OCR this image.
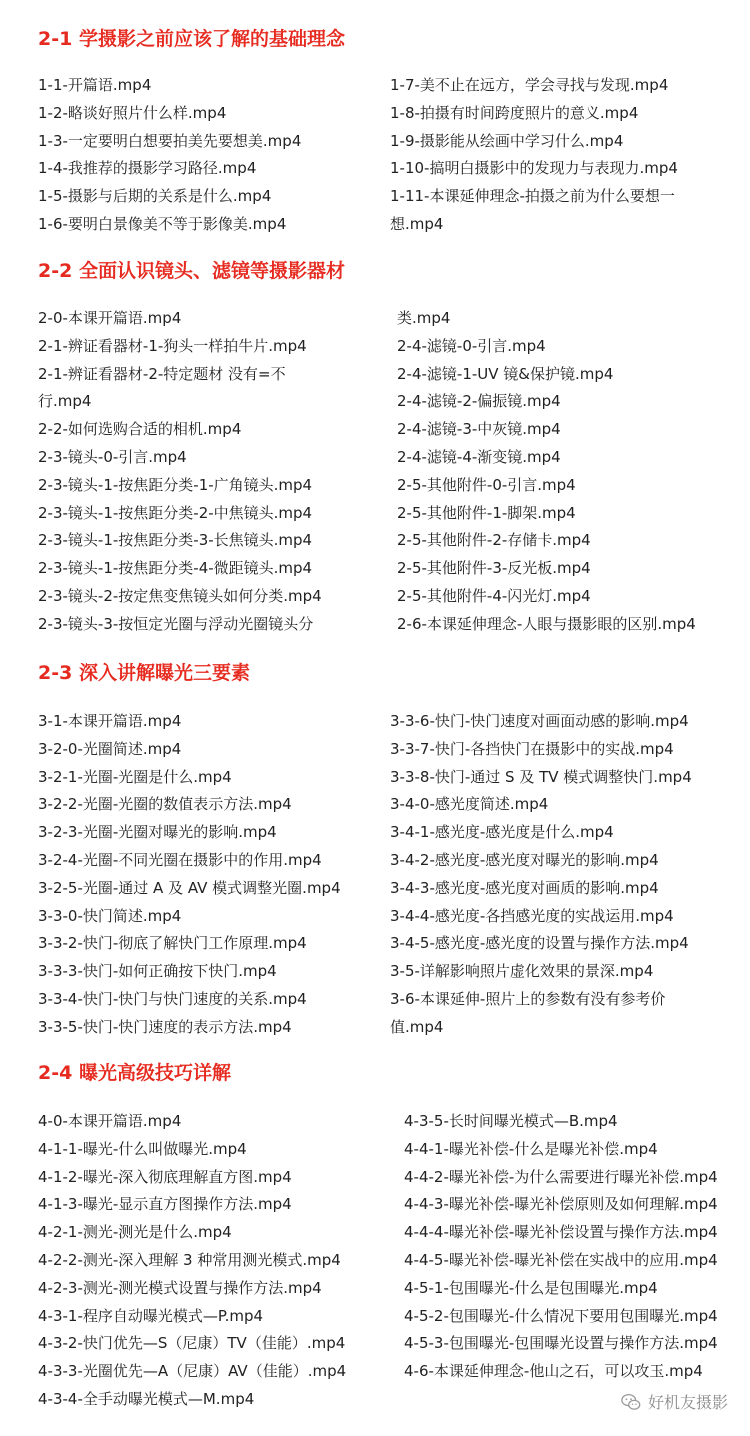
2-1 学摄影之前应该了解的基础理念
1-1-开篇语.mp4
1-2-略谈好照片什么样.mp4
1-3-一定要明白想要拍美先要想美.mp4
1-4-我推荐的摄影学习路径.mp4
1-5-摄影与后期的关系是什么.mp4
1-6-要明白景像美不等于影像美.mp4
1-7-美不止在远方，学会寻找与发现.mp4
1-8-拍摄有时间跨度照片的意义.mp4
1-9-摄影能从绘画中学习什么.mp4
1-10-搞明白摄影中的发现力与表现力.mp4
1-11-本课延伸理念-拍摄之前为什么要想一
想.mp4
2-2 全面认识镜头、滤镜等摄影器材
2-0-本课开篇语.mp4
2-1-辨证看器材-1-狗头一样拍牛片.mp4
2-1-辨证看器材-2-特定题材 没有=不
行.mp4
2-2-如何选购合适的相机.mp4
2-3-镜头-0-引言.mp4
2-3-镜头-1-按焦距分类-1-广角镜头.mp4
2-3-镜头-1-按焦距分类-2-中焦镜头.mp4
2-3-镜头-1-按焦距分类-3-长焦镜头.mp4
2-3-镜头-1-按焦距分类-4-微距镜头.mp4
2-3-镜头-2-按定焦变焦镜头如何分类.mp4
2-3-镜头-3-按恒定光圈与浮动光圈镜头分
类.mp4
2-4-滤镜-0-引言.mp4
2-4-滤镜-1-UV 镜&保护镜.mp4
2-4-滤镜-2-偏振镜.mp4
2-4-滤镜-3-中灰镜.mp4
2-4-滤镜-4-渐变镜.mp4
2-5-其他附件-0-引言.mp4
2-5-其他附件-1-脚架.mp4
2-5-其他附件-2-存储卡.mp4
2-5-其他附件-3-反光板.mp4
2-5-其他附件-4-闪光灯.mp4
2-6-本课延伸理念-人眼与摄影眼的区别.mp4
2-3 深入讲解曝光三要素
3-1-本课开篇语.mp4
3-2-0-光圈简述.mp4
3-2-1-光圈-光圈是什么.mp4
3-2-2-光圈-光圈的数值表示方法.mp4
3-2-3-光圈-光圈对曝光的影响.mp4
3-2-4-光圈-不同光圈在摄影中的作用.mp4
3-2-5-光圈-通过 A 及 AV 模式调整光圈.mp4
3-3-0-快门简述.mp4
3-3-2-快门-彻底了解快门工作原理.mp4
3-3-3-快门-如何正确按下快门.mp4
3-3-4-快门-快门与快门速度的关系.mp4
3-3-5-快门-快门速度的表示方法.mp4
3-3-6-快门-快门速度对画面动感的影响.mp4
3-3-7-快门-各挡快门在摄影中的实战.mp4
3-3-8-快门-通过 S 及 TV 模式调整快门.mp4
3-4-0-感光度简述.mp4
3-4-1-感光度-感光度是什么.mp4
3-4-2-感光度-感光度对曝光的影响.mp4
3-4-3-感光度-感光度对画质的影响.mp4
3-4-4-感光度-各挡感光度的实战运用.mp4
3-4-5-感光度-感光度的设置与操作方法.mp4
3-5-详解影响照片虚化效果的景深.mp4
3-6-本课延伸-照片上的参数有没有参考价
值.mp4
2-4 曝光高级技巧详解
4-0-本课开篇语.mp4
4-1-1-曝光-什么叫做曝光.mp4
4-1-2-曝光-深入彻底理解直方图.mp4
4-1-3-曝光-显示直方图操作方法.mp4
4-2-1-测光-测光是什么.mp4
4-2-2-测光-深入理解 3 种常用测光模式.mp4
4-2-3-测光-测光模式设置与操作方法.mp4
4-3-1-程序自动曝光模式—P.mp4
4-3-2-快门优先—S（尼康）TV（佳能）.mp4
4-3-3-光圈优先—A（尼康）AV（佳能）.mp4
4-3-4-全手动曝光模式—M.mp4
4-3-5-长时间曝光模式—B.mp4
4-4-1-曝光补偿-什么是曝光补偿.mp4
4-4-2-曝光补偿-为什么需要进行曝光补偿.mp4
4-4-3-曝光补偿-曝光补偿原则及如何理解.mp4
4-4-4-曝光补偿-曝光补偿设置与操作方法.mp4
4-4-5-曝光补偿-曝光补偿在实战中的应用.mp4
4-5-1-包围曝光-什么是包围曝光.mp4
4-5-2-包围曝光-什么情况下要用包围曝光.mp4
4-5-3-包围曝光-包围曝光设置与操作方法.mp4
4-6-本课延伸理念-他山之石，可以攻玉.mp4
好机友摄影
